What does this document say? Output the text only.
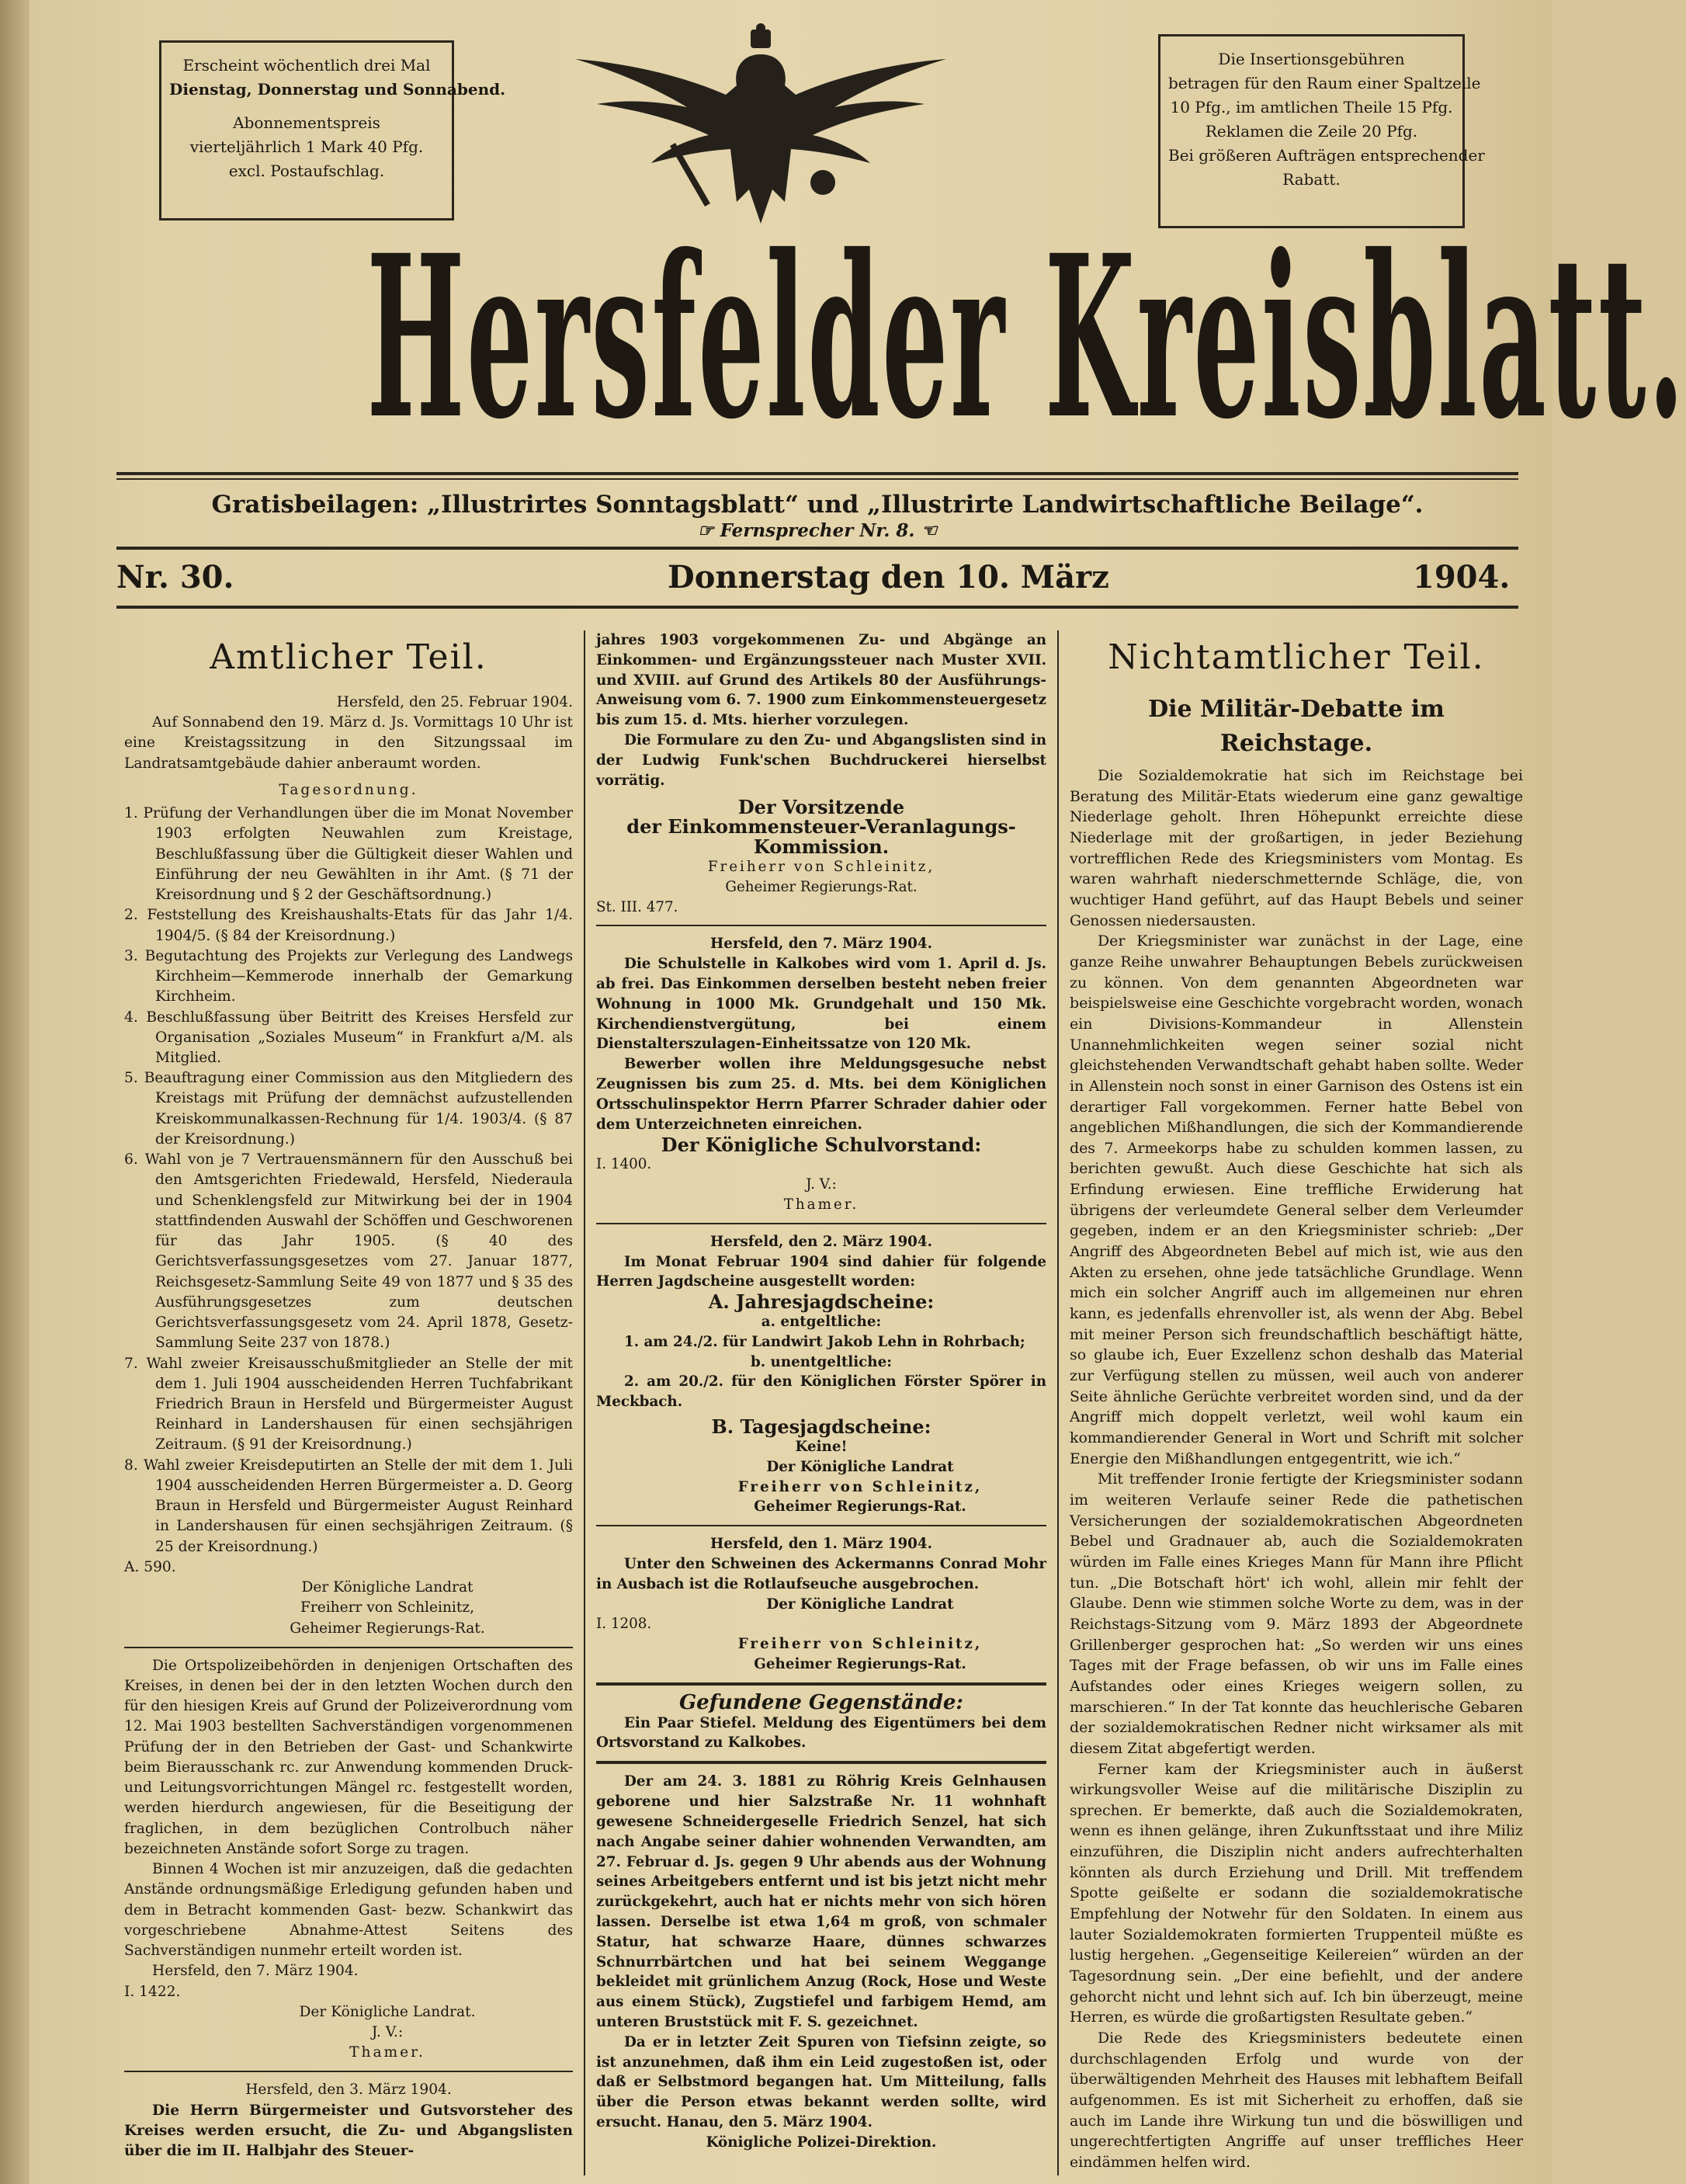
Erscheint wöchentlich drei Mal
Dienstag, Donnerstag und Sonnabend.
Abonnementspreis
vierteljährlich 1 Mark 40 Pfg.
excl. Postaufschlag.
Die Insertionsgebühren
betragen für den Raum einer Spaltzeile
10 Pfg., im amtlichen Theile 15 Pfg.
Reklamen die Zeile 20 Pfg.
Bei größeren Aufträgen entsprechender
Rabatt.
Hersfelder Kreisblatt.

Gratisbeilagen: „Illustrirtes Sonntagsblatt“ und „Illustrirte Landwirtschaftliche Beilage“.

☞ Fernsprecher Nr. 8. ☜

Nr. 30.	Donnerstag den 10. März	1904.
Amtlicher Teil.

Hersfeld, den 25. Februar 1904.

Auf Sonnabend den 19. März d. Js. Vormittags 10 Uhr ist eine Kreistagssitzung in den Sitzungssaal im Landratsamtgebäude dahier anberaumt worden.

Tagesordnung.

1. Prüfung der Verhandlungen über die im Monat November 1903 erfolgten Neuwahlen zum Kreistage, Beschlußfassung über die Gültigkeit dieser Wahlen und Einführung der neu Gewählten in ihr Amt. (§ 71 der Kreisordnung und § 2 der Geschäftsordnung.)

2. Feststellung des Kreishaushalts-Etats für das Jahr 1/4. 1904/5. (§ 84 der Kreisordnung.)

3. Begutachtung des Projekts zur Verlegung des Landwegs Kirchheim—Kemmerode innerhalb der Gemarkung Kirchheim.

4. Beschlußfassung über Beitritt des Kreises Hersfeld zur Organisation „Soziales Museum“ in Frankfurt a/M. als Mitglied.

5. Beauftragung einer Commission aus den Mitgliedern des Kreistags mit Prüfung der demnächst aufzustellenden Kreiskommunalkassen-Rechnung für 1/4. 1903/4. (§ 87 der Kreisordnung.)

6. Wahl von je 7 Vertrauensmännern für den Ausschuß bei den Amtsgerichten Friedewald, Hersfeld, Niederaula und Schenklengsfeld zur Mitwirkung bei der in 1904 stattfindenden Auswahl der Schöffen und Geschworenen für das Jahr 1905. (§ 40 des Gerichtsverfassungsgesetzes vom 27. Januar 1877, Reichsgesetz-Sammlung Seite 49 von 1877 und § 35 des Ausführungsgesetzes zum deutschen Gerichtsverfassungsgesetz vom 24. April 1878, Gesetz-Sammlung Seite 237 von 1878.)

7. Wahl zweier Kreisausschußmitglieder an Stelle der mit dem 1. Juli 1904 ausscheidenden Herren Tuchfabrikant Friedrich Braun in Hersfeld und Bürgermeister August Reinhard in Landershausen für einen sechsjährigen Zeitraum. (§ 91 der Kreisordnung.)

8. Wahl zweier Kreisdeputirten an Stelle der mit dem 1. Juli 1904 ausscheidenden Herren Bürgermeister a. D. Georg Braun in Hersfeld und Bürgermeister August Reinhard in Landershausen für einen sechsjährigen Zeitraum. (§ 25 der Kreisordnung.)

A. 590.

Der Königliche Landrat

Freiherr von Schleinitz,

Geheimer Regierungs-Rat.

Die Ortspolizeibehörden in denjenigen Ortschaften des Kreises, in denen bei der in den letzten Wochen durch den für den hiesigen Kreis auf Grund der Polizeiverordnung vom 12. Mai 1903 bestellten Sachverständigen vorgenommenen Prüfung der in den Betrieben der Gast- und Schankwirte beim Bierausschank rc. zur Anwendung kommenden Druck- und Leitungsvorrichtungen Mängel rc. festgestellt worden, werden hierdurch angewiesen, für die Beseitigung der fraglichen, in dem bezüglichen Controlbuch näher bezeichneten Anstände sofort Sorge zu tragen.

Binnen 4 Wochen ist mir anzuzeigen, daß die gedachten Anstände ordnungsmäßige Erledigung gefunden haben und dem in Betracht kommenden Gast- bezw. Schankwirt das vorgeschriebene Abnahme-Attest Seitens des Sachverständigen nunmehr erteilt worden ist.

Hersfeld, den 7. März 1904.

I. 1422.

Der Königliche Landrat.

J. V.:

Thamer.

Hersfeld, den 3. März 1904.

Die Herrn Bürgermeister und Gutsvorsteher des Kreises werden ersucht, die Zu- und Abgangslisten über die im II. Halbjahr des Steuer-

jahres 1903 vorgekommenen Zu- und Abgänge an Einkommen- und Ergänzungssteuer nach Muster XVII. und XVIII. auf Grund des Artikels 80 der Ausführungs-Anweisung vom 6. 7. 1900 zum Einkommensteuergesetz bis zum 15. d. Mts. hierher vorzulegen.

Die Formulare zu den Zu- und Abgangslisten sind in der Ludwig Funk'schen Buchdruckerei hierselbst vorrätig.

Der Vorsitzende

der Einkommensteuer-Veranlagungs-Kommission.

Freiherr von Schleinitz,

Geheimer Regierungs-Rat.

St. III. 477.

Hersfeld, den 7. März 1904.

Die Schulstelle in Kalkobes wird vom 1. April d. Js. ab frei. Das Einkommen derselben besteht neben freier Wohnung in 1000 Mk. Grundgehalt und 150 Mk. Kirchendienstvergütung, bei einem Dienstalterszulagen-Einheitssatze von 120 Mk.

Bewerber wollen ihre Meldungsgesuche nebst Zeugnissen bis zum 25. d. Mts. bei dem Königlichen Ortsschulinspektor Herrn Pfarrer Schrader dahier oder dem Unterzeichneten einreichen.

Der Königliche Schulvorstand:

I. 1400.

J. V.:

Thamer.

Hersfeld, den 2. März 1904.

Im Monat Februar 1904 sind dahier für folgende Herren Jagdscheine ausgestellt worden:

A. Jahresjagdscheine:

a. entgeltliche:

1. am 24./2. für Landwirt Jakob Lehn in Rohrbach;

b. unentgeltliche:

2. am 20./2. für den Königlichen Förster Spörer in Meckbach.

B. Tagesjagdscheine:

Keine!

Der Königliche Landrat

Freiherr von Schleinitz,

Geheimer Regierungs-Rat.

Hersfeld, den 1. März 1904.

Unter den Schweinen des Ackermanns Conrad Mohr in Ausbach ist die Rotlaufseuche ausgebrochen.

Der Königliche Landrat

I. 1208.

Freiherr von Schleinitz,

Geheimer Regierungs-Rat.

Gefundene Gegenstände:

Ein Paar Stiefel. Meldung des Eigentümers bei dem Ortsvorstand zu Kalkobes.

Der am 24. 3. 1881 zu Röhrig Kreis Gelnhausen geborene und hier Salzstraße Nr. 11 wohnhaft gewesene Schneidergeselle Friedrich Senzel, hat sich nach Angabe seiner dahier wohnenden Verwandten, am 27. Februar d. Js. gegen 9 Uhr abends aus der Wohnung seines Arbeitgebers entfernt und ist bis jetzt nicht mehr zurückgekehrt, auch hat er nichts mehr von sich hören lassen. Derselbe ist etwa 1,64 m groß, von schmaler Statur, hat schwarze Haare, dünnes schwarzes Schnurrbärtchen und hat bei seinem Weggange bekleidet mit grünlichem Anzug (Rock, Hose und Weste aus einem Stück), Zugstiefel und farbigem Hemd, am unteren Bruststück mit F. S. gezeichnet.

Da er in letzter Zeit Spuren von Tiefsinn zeigte, so ist anzunehmen, daß ihm ein Leid zugestoßen ist, oder daß er Selbstmord begangen hat. Um Mitteilung, falls über die Person etwas bekannt werden sollte, wird ersucht. Hanau, den 5. März 1904.

Königliche Polizei-Direktion.

Nichtamtlicher Teil.
Die Militär-Debatte im Reichstage.

Die Sozialdemokratie hat sich im Reichstage bei Beratung des Militär-Etats wiederum eine ganz gewaltige Niederlage geholt. Ihren Höhepunkt erreichte diese Niederlage mit der großartigen, in jeder Beziehung vortrefflichen Rede des Kriegsministers vom Montag. Es waren wahrhaft niederschmetternde Schläge, die, von wuchtiger Hand geführt, auf das Haupt Bebels und seiner Genossen niedersausten.

Der Kriegsminister war zunächst in der Lage, eine ganze Reihe unwahrer Behauptungen Bebels zurückweisen zu können. Von dem genannten Abgeordneten war beispielsweise eine Geschichte vorgebracht worden, wonach ein Divisions-Kommandeur in Allenstein Unannehmlichkeiten wegen seiner sozial nicht gleichstehenden Verwandtschaft gehabt haben sollte. Weder in Allenstein noch sonst in einer Garnison des Ostens ist ein derartiger Fall vorgekommen. Ferner hatte Bebel von angeblichen Mißhandlungen, die sich der Kommandierende des 7. Armeekorps habe zu schulden kommen lassen, zu berichten gewußt. Auch diese Geschichte hat sich als Erfindung erwiesen. Eine treffliche Erwiderung hat übrigens der verleumdete General selber dem Verleumder gegeben, indem er an den Kriegsminister schrieb: „Der Angriff des Abgeordneten Bebel auf mich ist, wie aus den Akten zu ersehen, ohne jede tatsächliche Grundlage. Wenn mich ein solcher Angriff auch im allgemeinen nur ehren kann, es jedenfalls ehrenvoller ist, als wenn der Abg. Bebel mit meiner Person sich freundschaftlich beschäftigt hätte, so glaube ich, Euer Exzellenz schon deshalb das Material zur Verfügung stellen zu müssen, weil auch von anderer Seite ähnliche Gerüchte verbreitet worden sind, und da der Angriff mich doppelt verletzt, weil wohl kaum ein kommandierender General in Wort und Schrift mit solcher Energie den Mißhandlungen entgegentritt, wie ich.“

Mit treffender Ironie fertigte der Kriegsminister sodann im weiteren Verlaufe seiner Rede die pathetischen Versicherungen der sozialdemokratischen Abgeordneten Bebel und Gradnauer ab, auch die Sozialdemokraten würden im Falle eines Krieges Mann für Mann ihre Pflicht tun. „Die Botschaft hört' ich wohl, allein mir fehlt der Glaube. Denn wie stimmen solche Worte zu dem, was in der Reichstags-Sitzung vom 9. März 1893 der Abgeordnete Grillenberger gesprochen hat: „So werden wir uns eines Tages mit der Frage befassen, ob wir uns im Falle eines Aufstandes oder eines Krieges weigern sollen, zu marschieren.“ In der Tat konnte das heuchlerische Gebaren der sozialdemokratischen Redner nicht wirksamer als mit diesem Zitat abgefertigt werden.

Ferner kam der Kriegsminister auch in äußerst wirkungsvoller Weise auf die militärische Disziplin zu sprechen. Er bemerkte, daß auch die Sozialdemokraten, wenn es ihnen gelänge, ihren Zukunftsstaat und ihre Miliz einzuführen, die Disziplin nicht anders aufrechterhalten könnten als durch Erziehung und Drill. Mit treffendem Spotte geißelte er sodann die sozialdemokratische Empfehlung der Notwehr für den Soldaten. In einem aus lauter Sozialdemokraten formierten Truppenteil müßte es lustig hergehen. „Gegenseitige Keilereien“ würden an der Tagesordnung sein. „Der eine befiehlt, und der andere gehorcht nicht und lehnt sich auf. Ich bin überzeugt, meine Herren, es würde die großartigsten Resultate geben.“

Die Rede des Kriegsministers bedeutete einen durchschlagenden Erfolg und wurde von der überwältigenden Mehrheit des Hauses mit lebhaftem Beifall aufgenommen. Es ist mit Sicherheit zu erhoffen, daß sie auch im Lande ihre Wirkung tun und die böswilligen und ungerechtfertigten Angriffe auf unser treffliches Heer eindämmen helfen wird.
